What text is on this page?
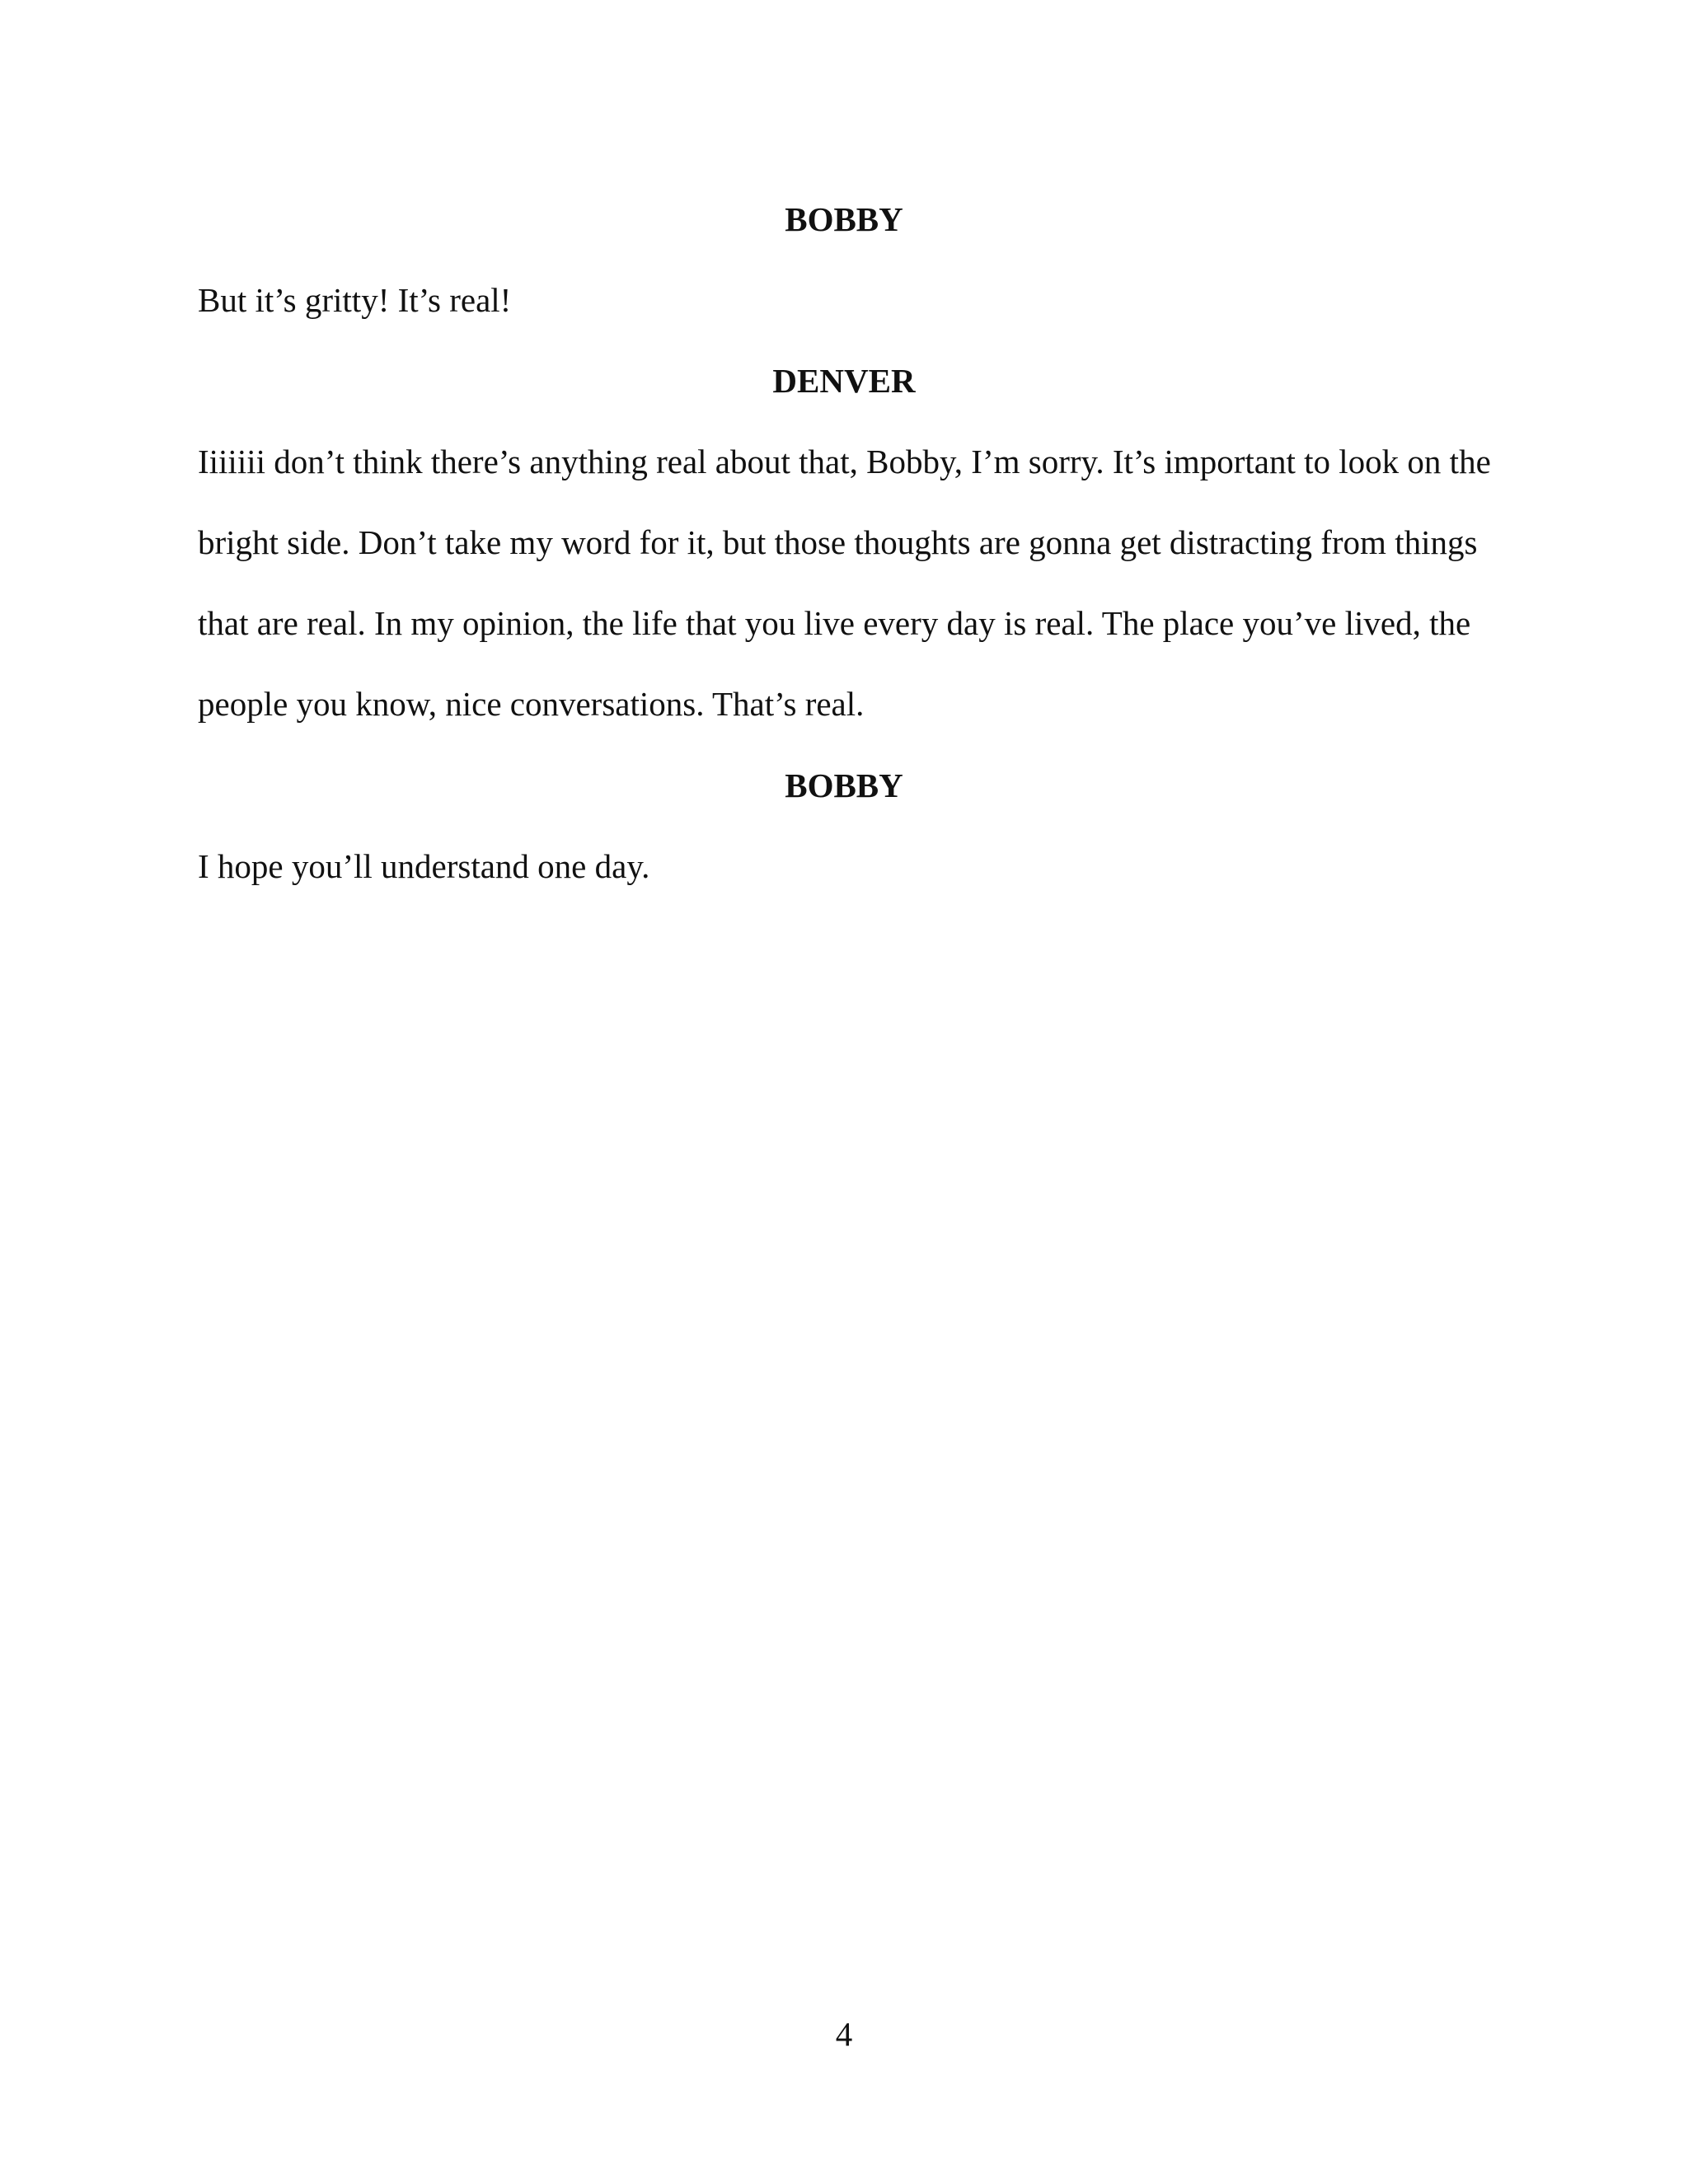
BOBBY
But it’s gritty! It’s real!
DENVER
Iiiiiii don’t think there’s anything real about that, Bobby, I’m sorry. It’s important to look on the
bright side. Don’t take my word for it, but those thoughts are gonna get distracting from things
that are real. In my opinion, the life that you live every day is real. The place you’ve lived, the
people you know, nice conversations. That’s real.
BOBBY
I hope you’ll understand one day.
4
